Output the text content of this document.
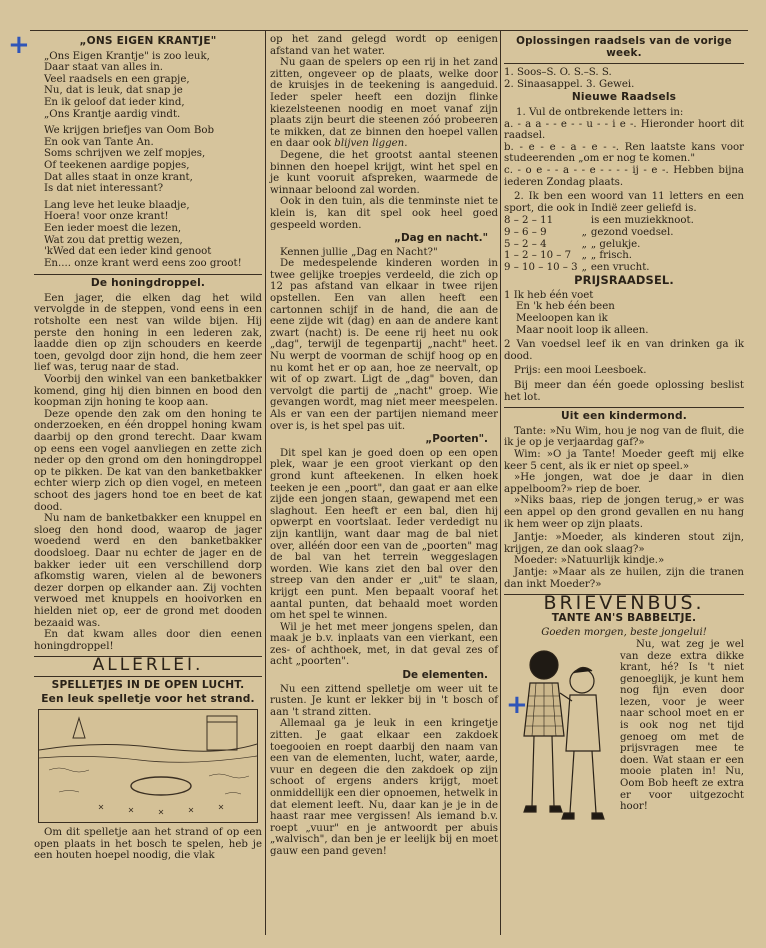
+
+
„ONS EIGEN KRANTJE"
„Ons Eigen Krantje" is zoo leuk,
Daar staat van alles in.
Veel raadsels en een grapje,
Nu, dat is leuk, dat snap je
En ik geloof dat ieder kind,
„Ons Krantje aardig vindt.
We krijgen briefjes van Oom Bob
En ook van Tante An.
Soms schrijven we zelf mopjes,
Of teekenen aardige popjes,
Dat alles staat in onze krant,
Is dat niet interessant?
Lang leve het leuke blaadje,
Hoera! voor onze krant!
Een ieder moest die lezen,
Wat zou dat prettig wezen,
'kWed dat een ieder kind genoot
En.... onze krant werd eens zoo groot!
De honingdroppel.

Een jager, die elken dag het wild vervolgde in de steppen, vond eens in een rotsholte een nest van wilde bijen. Hij perste den honing in een lederen zak, laadde dien op zijn schouders en keerde toen, gevolgd door zijn hond, die hem zeer lief was, terug naar de stad.

Voorbij den winkel van een banketbakker komend, ging hij dien binnen en bood den koopman zijn honing te koop aan.

Deze opende den zak om den honing te onderzoeken, en één droppel honing kwam daarbij op den grond terecht. Daar kwam op eens een vogel aanvliegen en zette zich neder op den grond om den honingdroppel op te pikken. De kat van den banketbakker echter wierp zich op dien vogel, en meteen schoot des jagers hond toe en beet de kat dood.

Nu nam de banketbakker een knuppel en sloeg den hond dood, waarop de jager woedend werd en den banketbakker doodsloeg. Daar nu echter de jager en de bakker ieder uit een verschillend dorp afkomstig waren, vielen al de bewoners dezer dorpen op elkander aan. Zij vochten verwoed met knuppels en hooivorken en hielden niet op, eer de grond met dooden bezaaid was.

En dat kwam alles door dien eenen honingdroppel!

ALLERLEI.
SPELLETJES IN DE OPEN LUCHT.
Een leuk spelletje voor het strand.

Om dit spelletje aan het strand of op een open plaats in het bosch te spelen, heb je een houten hoepel noodig, die vlak

op het zand gelegd wordt op eenigen afstand van het water.

Nu gaan de spelers op een rij in het zand zitten, ongeveer op de plaats, welke door de kruisjes in de teekening is aangeduid. Ieder speler heeft een dozijn flinke kiezelsteenen noodig en moet vanaf zijn plaats zijn beurt die steenen zóó probeeren te mikken, dat ze binnen den hoepel vallen en daar ook blijven liggen.

Degene, die het grootst aantal steenen binnen den hoepel krijgt, wint het spel en je kunt vooruit afspreken, waarmede de winnaar beloond zal worden.

Ook in den tuin, als die tenminste niet te klein is, kan dit spel ook heel goed gespeeld worden.

„Dag en nacht."

Kennen jullie „Dag en Nacht?"

De medespelende kinderen worden in twee gelijke troepjes verdeeld, die zich op 12 pas afstand van elkaar in twee rijen opstellen. Een van allen heeft een cartonnen schijf in de hand, die aan de eene zijde wit (dag) en aan de andere kant zwart (nacht) is. De eene rij heet nu ook „dag", terwijl de tegenpartij „nacht" heet. Nu werpt de voorman de schijf hoog op en nu komt het er op aan, hoe ze neervalt, op wit of op zwart. Ligt de „dag" boven, dan vervolgt die partij de „nacht" groep. Wie gevangen wordt, mag niet meer meespelen. Als er van een der partijen niemand meer over is, is het spel pas uit.

„Poorten".

Dit spel kan je goed doen op een open plek, waar je een groot vierkant op den grond kunt afteekenen. In elken hoek teeken je een „poort", dan gaat er aan elke zijde een jongen staan, gewapend met een slaghout. Een heeft er een bal, dien hij opwerpt en voortslaat. Ieder verdedigt nu zijn kantlijn, want daar mag de bal niet over, alléén door een van de „poorten" mag de bal van het terrein weggeslagen worden. Wie kans ziet den bal over den streep van den ander er „uit" te slaan, krijgt een punt. Men bepaalt vooraf het aantal punten, dat behaald moet worden om het spel te winnen.

Wil je het met meer jongens spelen, dan maak je b.v. inplaats van een vierkant, een zes- of achthoek, met, in dat geval zes of acht „poorten".

De elementen.

Nu een zittend spelletje om weer uit te rusten. Je kunt er lekker bij in 't bosch of aan 't strand zitten.

Allemaal ga je leuk in een kringetje zitten. Je gaat elkaar een zakdoek toegooien en roept daarbij den naam van een van de elementen, lucht, water, aarde, vuur en degeen die den zakdoek op zijn schoot of ergens anders krijgt, moet onmiddellijk een dier opnoemen, hetwelk in dat element leeft. Nu, daar kan je je in de haast raar mee vergissen! Als iemand b.v. roept „vuur" en je antwoordt per abuis „walvisch", dan ben je er leelijk bij en moet gauw een pand geven!

Oplossingen raadsels van de vorige week.
1. Soos–S. O. S.–S. S.
2. Sinaasappel. 3. Gewei.
Nieuwe Raadsels
1. Vul de ontbrekende letters in:

a. - a a - - e - - u - - i e -. Hieronder hoort dit raadsel.

b. - e - e - a - e - -. Ren laatste kans voor studeerenden „om er nog te komen."

c. - o e - - a - - e - - - - ij - e -. Hebben bijna iederen Zondag plaats.

2. Ik ben een woord van 11 letters en een sport, die ook in Indië zeer geliefd is.

8 – 2 – 11		is een muziekknoot.
9 – 6 – 9	„	gezond voedsel.
5 – 2 – 4	„	„ gelukje.
1 – 2 – 10 – 7	„	„ frisch.
9 – 10 – 10 – 3	„	een vrucht.
PRIJSRAADSEL.
1 Ik heb één voet
En 'k heb één been
Meeloopen kan ik
Maar nooit loop ik alleen.

2 Van voedsel leef ik en van drinken ga ik dood.

Prijs: een mooi Leesboek.

Bij meer dan één goede oplossing beslist het lot.

Uit een kindermond.

Tante: »Nu Wim, hou je nog van de fluit, die ik je op je verjaardag gaf?»

Wim: »O ja Tante! Moeder geeft mij elke keer 5 cent, als ik er niet op speel.»

»He jongen, wat doe je daar in dien appelboom?» riep de boer.

»Niks baas, riep de jongen terug,» er was een appel op den grond gevallen en nu hang ik hem weer op zijn plaats.

Jantje: »Moeder, als kinderen stout zijn, krijgen, ze dan ook slaag?»

Moeder: »Natuurlijk kindje.»

Jantje: »Maar als ze huilen, zijn die tranen dan inkt Moeder?»

BRIEVENBUS.
TANTE AN'S BABBELTJE.
Goeden morgen, beste jongelui!

Nu, wat zeg je wel van deze extra dikke krant, hé? Is 't niet genoeglijk, je kunt hem nog fijn even door lezen, voor je weer naar school moet en er is ook nog net tijd genoeg om met de prijsvragen mee te doen. Wat staan er een mooie platen in! Nu, Oom Bob heeft ze extra er voor uitgezocht hoor!
